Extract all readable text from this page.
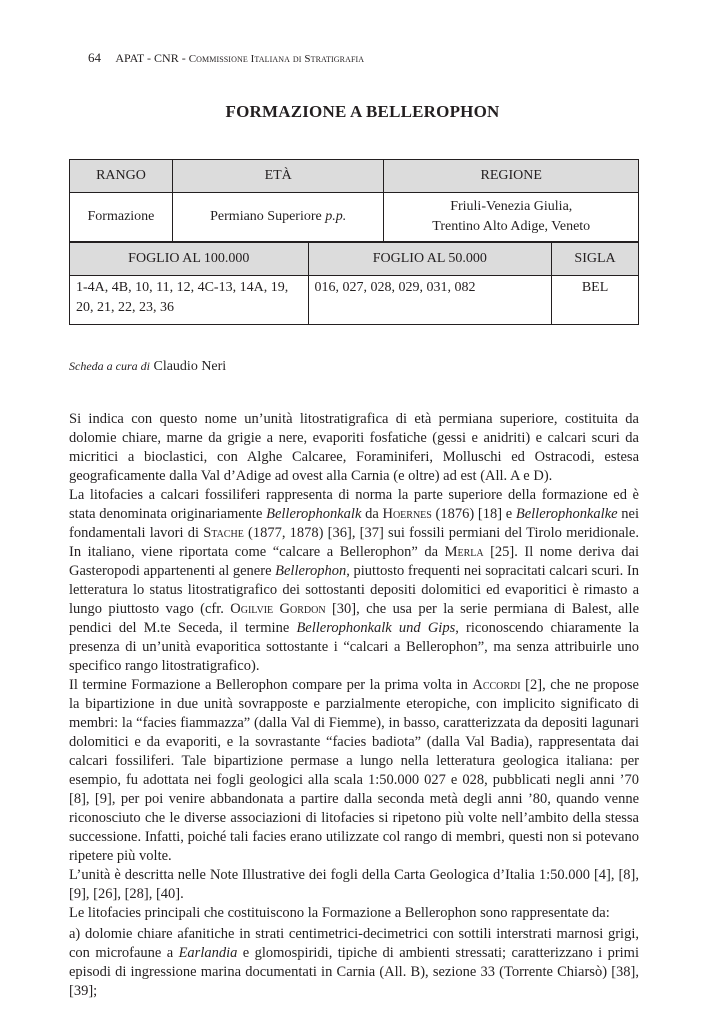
64 APAT - CNR - Commissione Italiana di Stratigrafia
FORMAZIONE A BELLEROPHON
RANGO	ETÀ	REGIONE
Formazione	Permiano Superiore p.p.	Friuli-Venezia Giulia,
Trentino Alto Adige, Veneto
FOGLIO AL 100.000	FOGLIO AL 50.000	SIGLA
1-4A, 4B, 10, 11, 12, 4C-13, 14A, 19, 20, 21, 22, 23, 36	016, 027, 028, 029, 031, 082	BEL
Scheda a cura di Claudio Neri

Si indica con questo nome un’unità litostratigrafica di età permiana superiore, costituita da dolomie chiare, marne da grigie a nere, evaporiti fosfatiche (gessi e anidriti) e calcari scuri da micritici a bioclastici, con Alghe Calcaree, Foraminiferi, Molluschi ed Ostracodi, estesa geograficamente dalla Val d’Adige ad ovest alla Carnia (e oltre) ad est (All. A e D).

La litofacies a calcari fossiliferi rappresenta di norma la parte superiore della formazione ed è stata denominata originariamente Bellerophonkalk da Hoernes (1876) [18] e Bellerophonkalke nei fondamentali lavori di Stache (1877, 1878) [36], [37] sui fossili permiani del Tirolo meridionale. In italiano, viene riportata come “calcare a Bellerophon” da Merla [25]. Il nome deriva dai Gasteropodi appartenenti al genere Bellerophon, piuttosto frequenti nei sopracitati calcari scuri. In letteratura lo status litostratigrafico dei sottostanti depositi dolomitici ed evaporitici è rimasto a lungo piuttosto vago (cfr. Ogilvie Gordon [30], che usa per la serie permiana di Balest, alle pendici del M.te Seceda, il termine Bellerophonkalk und Gips, riconoscendo chiaramente la presenza di un’unità evaporitica sottostante i “calcari a Bellerophon”, ma senza attribuirle uno specifico rango litostratigrafico).

Il termine Formazione a Bellerophon compare per la prima volta in Accordi [2], che ne propose la bipartizione in due unità sovrapposte e parzialmente eteropiche, con implicito significato di membri: la “facies fiammazza” (dalla Val di Fiemme), in basso, caratterizzata da depositi lagunari dolomitici e da evaporiti, e la sovrastante “facies badiota” (dalla Val Badia), rappresentata dai calcari fossiliferi. Tale bipartizione permase a lungo nella letteratura geologica italiana: per esempio, fu adottata nei fogli geologici alla scala 1:50.000 027 e 028, pubblicati negli anni ’70 [8], [9], per poi venire abbandonata a partire dalla seconda metà degli anni ’80, quando venne riconosciuto che le diverse associazioni di litofacies si ripetono più volte nell’ambito della stessa successione. Infatti, poiché tali facies erano utilizzate col rango di membri, questi non si potevano ripetere più volte.

L’unità è descritta nelle Note Illustrative dei fogli della Carta Geologica d’Italia 1:50.000 [4], [8], [9], [26], [28], [40].

Le litofacies principali che costituiscono la Formazione a Bellerophon sono rappresentate da:

a) dolomie chiare afanitiche in strati centimetrici-decimetrici con sottili interstrati marnosi grigi, con microfaune a Earlandia e glomospiridi, tipiche di ambienti stressati; caratterizzano i primi episodi di ingressione marina documentati in Carnia (All. B), sezione 33 (Torrente Chiarsò) [38], [39];
